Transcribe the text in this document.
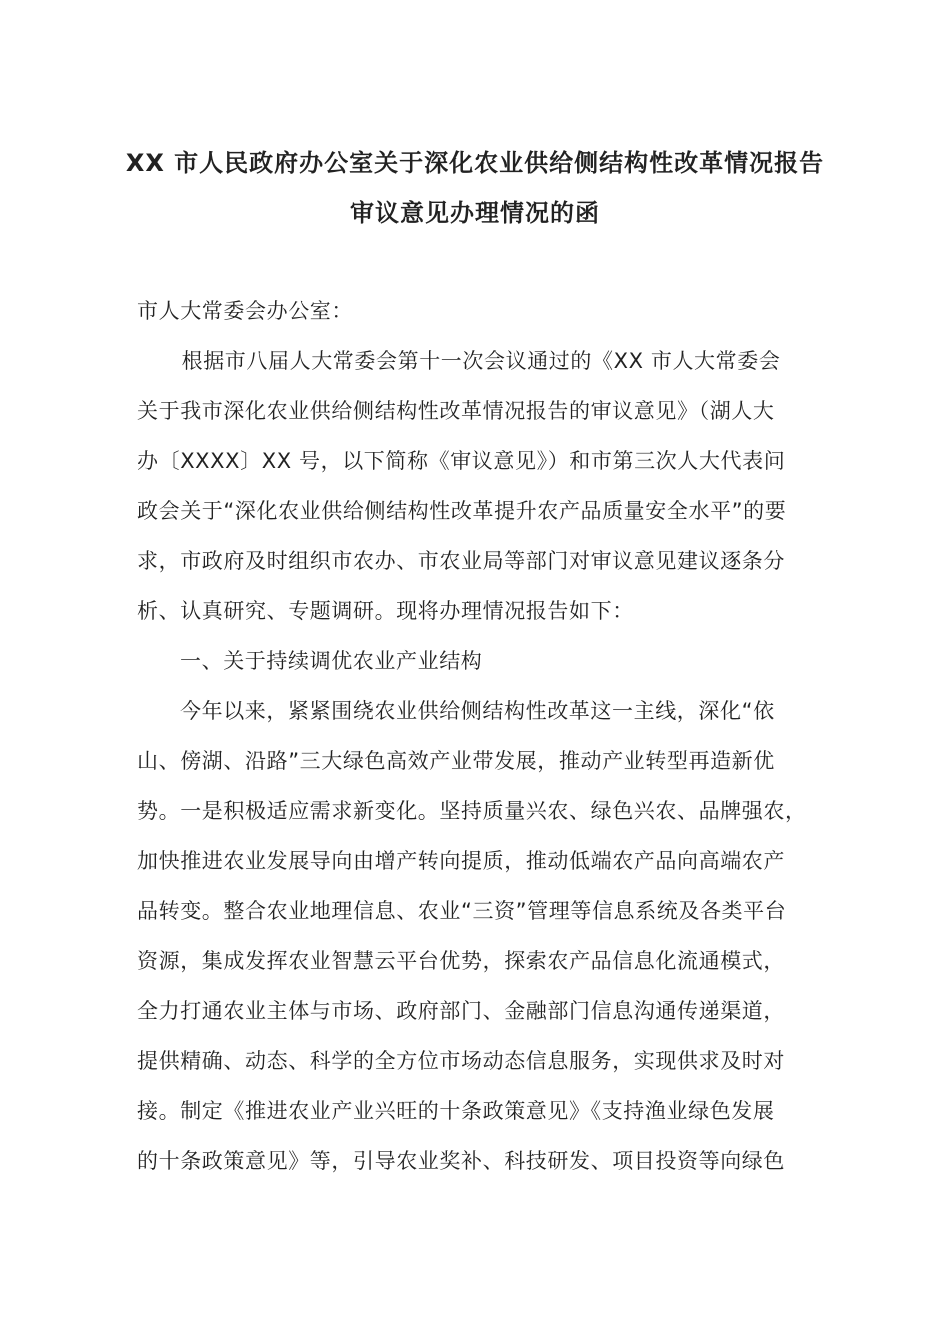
XX 市人民政府办公室关于深化农业供给侧结构性改革情况报告
审议意见办理情况的函
市人大常委会办公室：
　根据市八届人大常委会第十一次会议通过的《XX 市人大常委会
关于我市深化农业供给侧结构性改革情况报告的审议意见》（湖人大
办〔XXXX〕XX 号，以下简称《审议意见》）和市第三次人大代表问
政会关于“深化农业供给侧结构性改革提升农产品质量安全水平”的要
求，市政府及时组织市农办、市农业局等部门对审议意见建议逐条分
析、认真研究、专题调研。现将办理情况报告如下：
一、关于持续调优农业产业结构
今年以来，紧紧围绕农业供给侧结构性改革这一主线，深化“依
山、傍湖、沿路”三大绿色高效产业带发展，推动产业转型再造新优
势。一是积极适应需求新变化。坚持质量兴农、绿色兴农、品牌强农，
加快推进农业发展导向由增产转向提质，推动低端农产品向高端农产
品转变。整合农业地理信息、农业“三资”管理等信息系统及各类平台
资源，集成发挥农业智慧云平台优势，探索农产品信息化流通模式，
全力打通农业主体与市场、政府部门、金融部门信息沟通传递渠道，
提供精确、动态、科学的全方位市场动态信息服务，实现供求及时对
接。制定《推进农业产业兴旺的十条政策意见》《支持渔业绿色发展
的十条政策意见》等，引导农业奖补、科技研发、项目投资等向绿色
